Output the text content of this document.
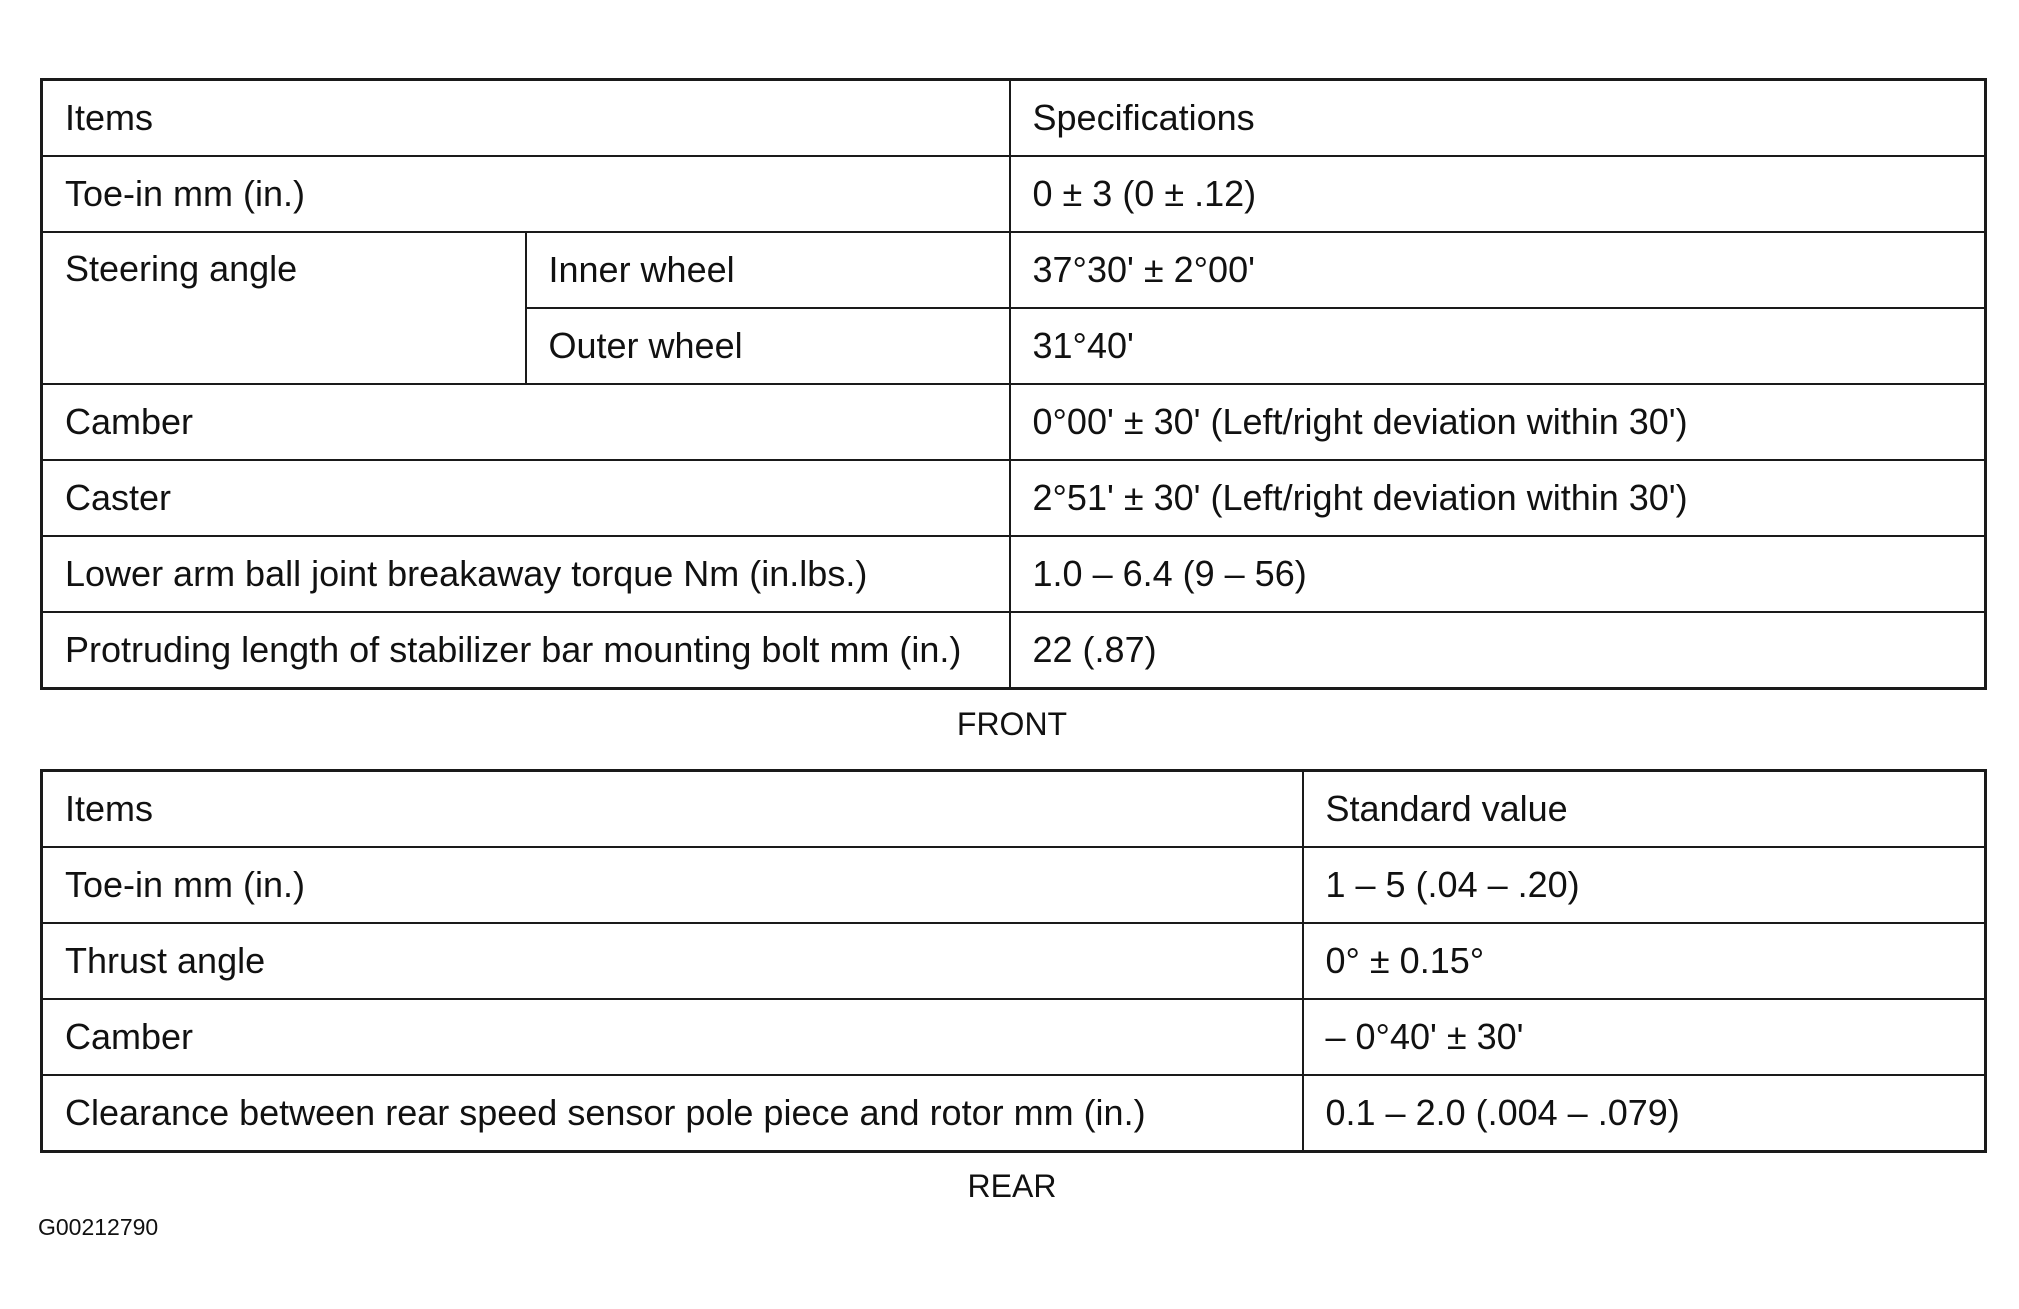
Items		Specifications
Toe-in mm (in.)		0 ± 3 (0 ± .12)
Steering angle	Inner wheel	37°30' ± 2°00'
	Outer wheel	31°40'
Camber		0°00' ± 30' (Left/right deviation within 30')
Caster		2°51' ± 30' (Left/right deviation within 30')
Lower arm ball joint breakaway torque Nm (in.lbs.)		1.0 – 6.4 (9 – 56)
Protruding length of stabilizer bar mounting bolt mm (in.)		22 (.87)
FRONT
Items	Standard value
Toe-in mm (in.)	1 – 5 (.04 – .20)
Thrust angle	0° ± 0.15°
Camber	– 0°40' ± 30'
Clearance between rear speed sensor pole piece and rotor mm (in.)	0.1 – 2.0 (.004 – .079)
REAR
G00212790
